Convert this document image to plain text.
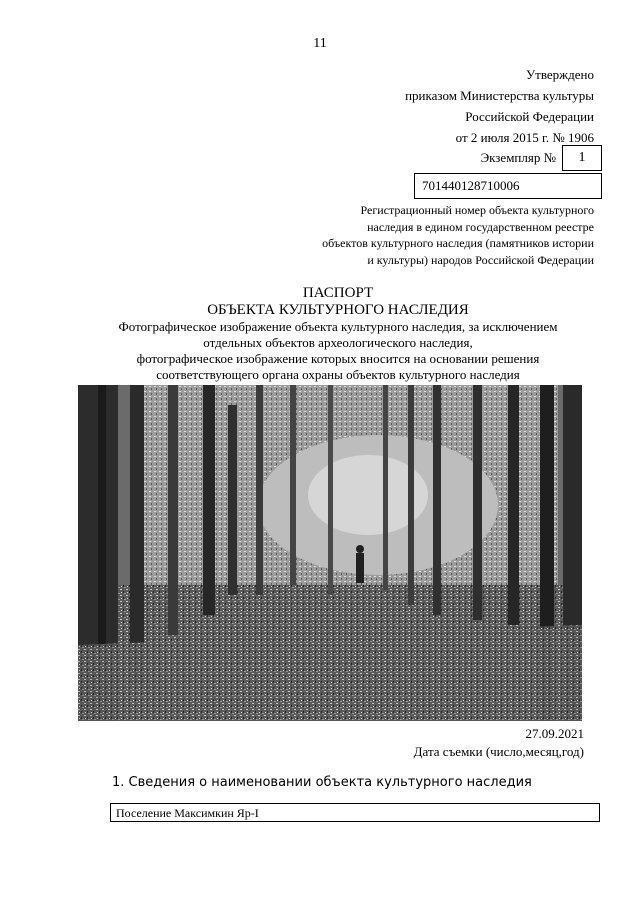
11
Утверждено
приказом Министерства культуры
Российской Федерации
от 2 июля 2015 г. № 1906
Экземпляр № 1
701440128710006
Регистрационный номер объекта культурного
наследия в едином государственном реестре
объектов культурного наследия (памятников истории
и культуры) народов Российской Федерации
ПАСПОРТ
ОБЪЕКТА КУЛЬТУРНОГО НАСЛЕДИЯ
Фотографическое изображение объекта культурного наследия, за исключением
отдельных объектов археологического наследия,
фотографическое изображение которых вносится на основании решения
соответствующего органа охраны объектов культурного наследия
27.09.2021
Дата съемки (число,месяц,год)
1. Сведения о наименовании объекта культурного наследия
Поселение Максимкин Яр-I
